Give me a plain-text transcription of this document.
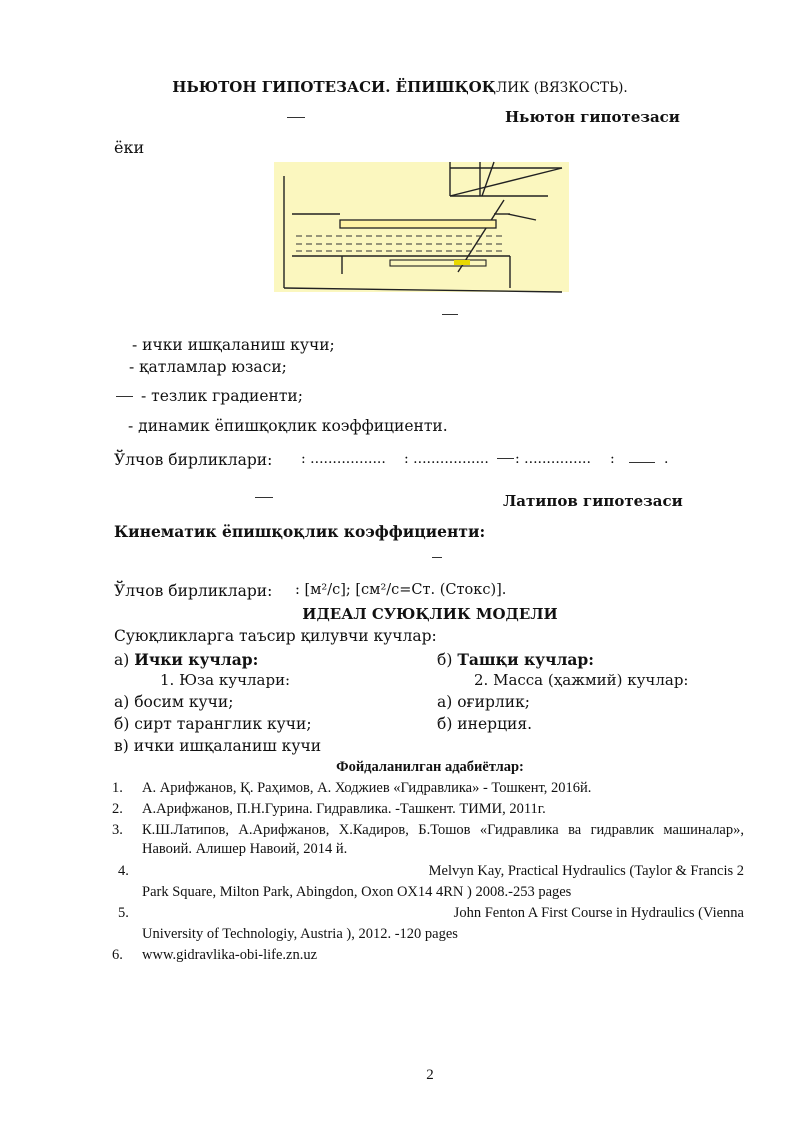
НЬЮТОН ГИПОТЕЗАСИ. ЁПИШҚОҚЛИК (ВЯЗКОСТЬ).
Ньютон гипотезаси
ёки
- ички ишқаланиш кучи;
- қатламлар юзаси;
- тезлик градиенти;
- динамик ёпишқоқлик коэффициенти.
Ўлчов бирликлари: : ................. : ................. : ............... :	.
Латипов гипотезаси
Кинематик ёпишқоқлик коэффициенти:
Ўлчов бирликлари: : [м²/с]; [см²/с=Ст. (Стокс)].
ИДЕАЛ СУЮҚЛИК МОДЕЛИ
Суюқликларга таъсир қилувчи кучлар:
а) Ички кучлар:	б) Ташқи кучлар:
1. Юза кучлари:	2. Масса (ҳажмий) кучлар:
а) босим кучи;	а) оғирлик;
б) сирт таранглик кучи;	б) инерция.
в) ички ишқаланиш кучи
Фойдаланилган адабиётлар:
1. А. Арифжанов, Қ. Раҳимов, А. Ходжиев «Гидравлика» - Тошкент, 2016й.
2. А.Арифжанов, П.Н.Гурина. Гидравлика. -Ташкент. ТИМИ, 2011г.
3. К.Ш.Латипов, А.Арифжанов, Х.Кадиров, Б.Тошов «Гидравлика ва гидравлик машиналар», Навоий. Алишер Навоий, 2014 й.
4.	Melvyn Kay, Practical Hydraulics (Taylor & Francis 2
Park Square, Milton Park, Abingdon, Oxon OX14 4RN ) 2008.-253 pages
5.	John Fenton A First Course in Hydraulics (Vienna
University of Technologiy, Austria ), 2012. -120 pages
6. www.gidravlika-obi-life.zn.uz
2
